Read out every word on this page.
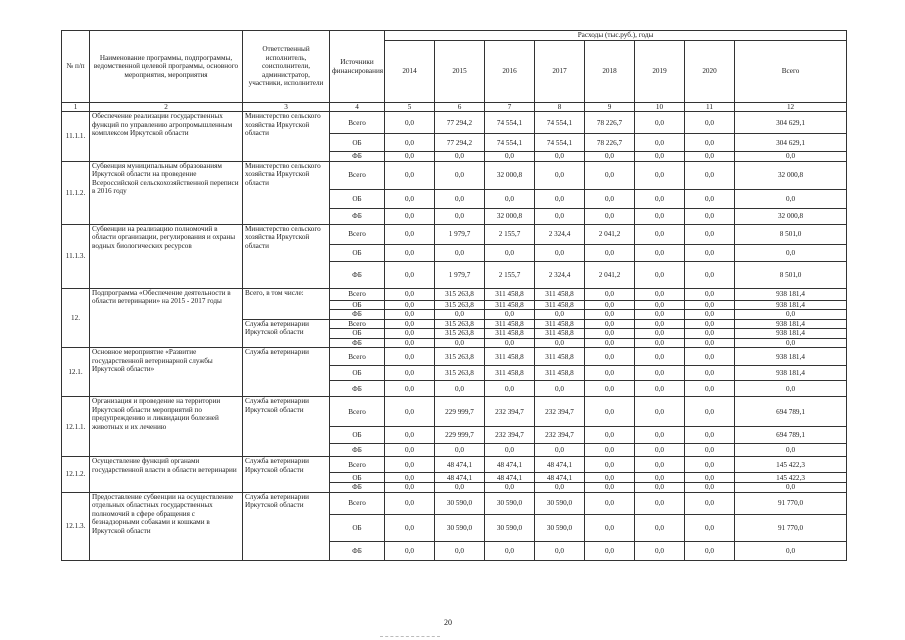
№ п/п	Наименование программы, подпрограммы, ведомственной целевой программы, основного мероприятия, мероприятия	Ответственный исполнитель, соисполнители, администратор, участники, исполнители	Источники финансирования	Расходы (тыс.руб.), годы							
				2014	2015	2016	2017	2018	2019	2020	Всего
1	2	3	4	5	6	7	8	9	10	11	12
11.1.1.	Обеспечение реализации государственных функций по управлению агропромышленным комплексом Иркутской области	Министерство сельского хозяйства Иркутской области	Всего	0,0	77 294,2	74 554,1	74 554,1	78 226,7	0,0	0,0	304 629,1
			ОБ	0,0	77 294,2	74 554,1	74 554,1	78 226,7	0,0	0,0	304 629,1
			ФБ	0,0	0,0	0,0	0,0	0,0	0,0	0,0	0,0
11.1.2.	Субвенция муниципальным образованиям Иркутской области на проведение Всероссийской сельскохозяйственной переписи в 2016 году	Министерство сельского хозяйства Иркутской области	Всего	0,0	0,0	32 000,8	0,0	0,0	0,0	0,0	32 000,8
			ОБ	0,0	0,0	0,0	0,0	0,0	0,0	0,0	0,0
			ФБ	0,0	0,0	32 000,8	0,0	0,0	0,0	0,0	32 000,8
11.1.3.	Субвенции на реализацию полномочий в области организации, регулирования и охраны водных биологических ресурсов	Министерство сельского хозяйства Иркутской области	Всего	0,0	1 979,7	2 155,7	2 324,4	2 041,2	0,0	0,0	8 501,0
			ОБ	0,0	0,0	0,0	0,0	0,0	0,0	0,0	0,0
			ФБ	0,0	1 979,7	2 155,7	2 324,4	2 041,2	0,0	0,0	8 501,0
12.	Подпрограмма «Обеспечение деятельности в области ветеринарии» на 2015 - 2017 годы	Всего, в том числе:	Всего	0,0	315 263,8	311 458,8	311 458,8	0,0	0,0	0,0	938 181,4
			ОБ	0,0	315 263,8	311 458,8	311 458,8	0,0	0,0	0,0	938 181,4
			ФБ	0,0	0,0	0,0	0,0	0,0	0,0	0,0	0,0
		Служба ветеринарии Иркутской области	Всего	0,0	315 263,8	311 458,8	311 458,8	0,0	0,0	0,0	938 181,4
			ОБ	0,0	315 263,8	311 458,8	311 458,8	0,0	0,0	0,0	938 181,4
			ФБ	0,0	0,0	0,0	0,0	0,0	0,0	0,0	0,0
12.1.	Основное мероприятие «Развитие государственной ветеринарной службы Иркутской области»	Служба ветеринарии	Всего	0,0	315 263,8	311 458,8	311 458,8	0,0	0,0	0,0	938 181,4
			ОБ	0,0	315 263,8	311 458,8	311 458,8	0,0	0,0	0,0	938 181,4
			ФБ	0,0	0,0	0,0	0,0	0,0	0,0	0,0	0,0
12.1.1.	Организация и проведение на территории Иркутской области мероприятий по предупреждению и ликвидации болезней животных и их лечению	Служба ветеринарии Иркутской области	Всего	0,0	229 999,7	232 394,7	232 394,7	0,0	0,0	0,0	694 789,1
			ОБ	0,0	229 999,7	232 394,7	232 394,7	0,0	0,0	0,0	694 789,1
			ФБ	0,0	0,0	0,0	0,0	0,0	0,0	0,0	0,0
12.1.2.	Осуществление функций органами государственной власти в области ветеринарии	Служба ветеринарии Иркутской области	Всего	0,0	48 474,1	48 474,1	48 474,1	0,0	0,0	0,0	145 422,3
			ОБ	0,0	48 474,1	48 474,1	48 474,1	0,0	0,0	0,0	145 422,3
			ФБ	0,0	0,0	0,0	0,0	0,0	0,0	0,0	0,0
12.1.3.	Предоставление субвенции на осуществление отдельных областных государственных полномочий в сфере обращения с безнадзорными собаками и кошками в Иркутской области	Служба ветеринарии Иркутской области	Всего	0,0	30 590,0	30 590,0	30 590,0	0,0	0,0	0,0	91 770,0
			ОБ	0,0	30 590,0	30 590,0	30 590,0	0,0	0,0	0,0	91 770,0
			ФБ	0,0	0,0	0,0	0,0	0,0	0,0	0,0	0,0
20
